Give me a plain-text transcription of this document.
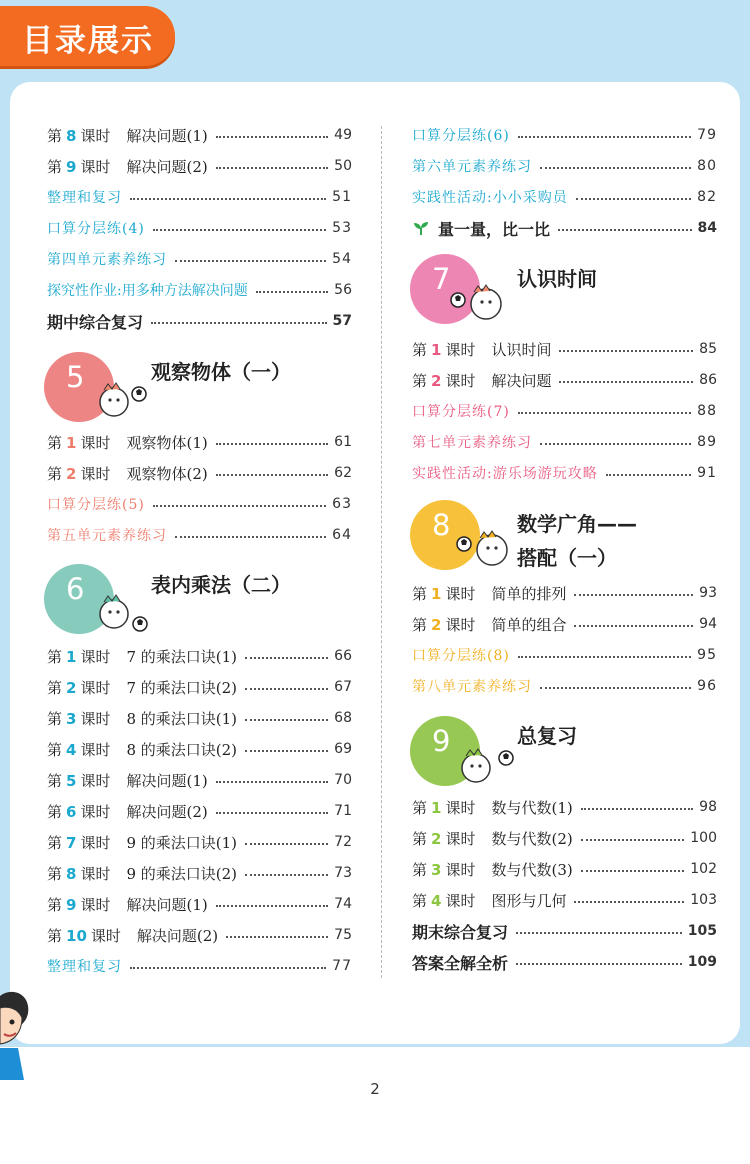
目录展示
第 8 课时 解决问题(1)	49
第 9 课时 解决问题(2)	50
整理和复习	51
口算分层练(4)	53
第四单元素养练习	54
探究性作业:用多种方法解决问题	56
期中综合复习	57
5	观察物体（一）
第 1 课时 观察物体(1)	61
第 2 课时 观察物体(2)	62
口算分层练(5)	63
第五单元素养练习	64
6	表内乘法（二）
第 1 课时 7 的乘法口诀(1)	66
第 2 课时 7 的乘法口诀(2)	67
第 3 课时 8 的乘法口诀(1)	68
第 4 课时 8 的乘法口诀(2)	69
第 5 课时 解决问题(1)	70
第 6 课时 解决问题(2)	71
第 7 课时 9 的乘法口诀(1)	72
第 8 课时 9 的乘法口诀(2)	73
第 9 课时 解决问题(1)	74
第 10 课时 解决问题(2)	75
整理和复习	77
口算分层练(6)	79
第六单元素养练习	80
实践性活动:小小采购员	82
量一量，比一比	84
7	认识时间
第 1 课时 认识时间	85
第 2 课时 解决问题	86
口算分层练(7)	88
第七单元素养练习	89
实践性活动:游乐场游玩攻略	91
8	数学广角——
搭配（一）
第 1 课时 简单的排列	93
第 2 课时 简单的组合	94
口算分层练(8)	95
第八单元素养练习	96
9	总复习
第 1 课时 数与代数(1)	98
第 2 课时 数与代数(2)	100
第 3 课时 数与代数(3)	102
第 4 课时 图形与几何	103
期末综合复习	105
答案全解全析	109
2
